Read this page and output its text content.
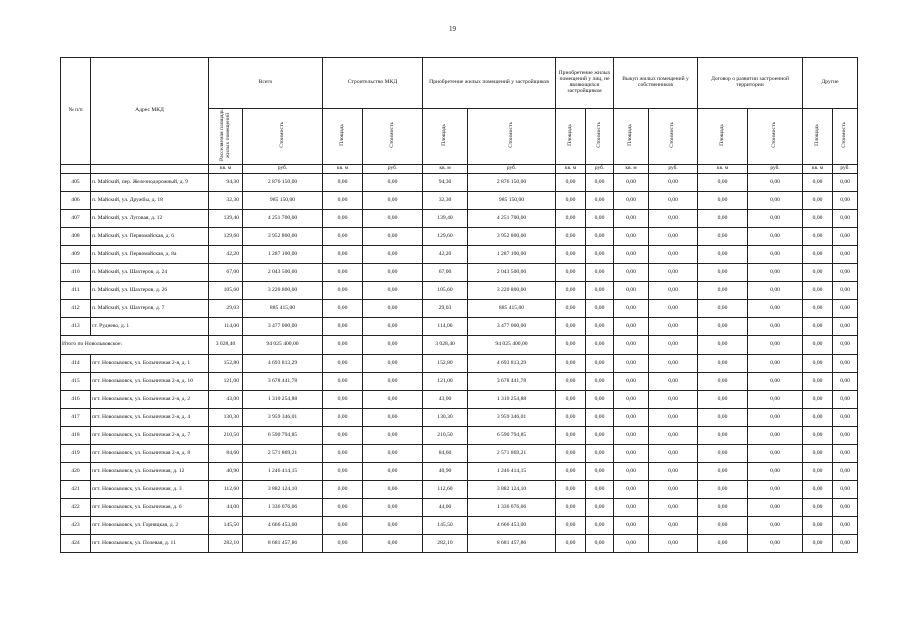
19
№ п/п	Адрес МКД	Всего		Строительство МКД		Приобретение жилых помещений у застройщиков		Приобретение жилых помещений у лиц, не являющихся застройщиком		Выкуп жилых помещений у собственников		Договор о развитии застроенной территории		Другие	
		Расселяемая площадь жилых помещений	Стоимость	Площадь	Стоимость	Площадь	Стоимость	Площадь	Стоимость	Площадь	Стоимость	Площадь	Стоимость	Площадь	Стоимость
		кв. м	руб.	кв. м	руб.	кв. м	руб.	кв. м	руб.	кв. м	руб.	кв. м	руб.	кв. м	руб.
405	п. Майский, пер. Железнодорожный, д. 9	94,30	2 876 150,00	0,00	0,00	94,30	2 876 150,00	0,00	0,00	0,00	0,00	0,00	0,00	0,00	0,00
406	п. Майский, ул. Дружбы, д. 18	32,30	985 150,00	0,00	0,00	32,30	985 150,00	0,00	0,00	0,00	0,00	0,00	0,00	0,00	0,00
407	п. Майский, ул. Луговая, д. 12	139,40	4 251 700,00	0,00	0,00	139,40	4 251 700,00	0,00	0,00	0,00	0,00	0,00	0,00	0,00	0,00
408	п. Майский, ул. Первомайская, д. 6	129,60	3 952 800,00	0,00	0,00	129,60	3 952 800,00	0,00	0,00	0,00	0,00	0,00	0,00	0,00	0,00
409	п. Майский, ул. Первомайская, д. 8а	42,20	1 287 100,00	0,00	0,00	42,20	1 287 100,00	0,00	0,00	0,00	0,00	0,00	0,00	0,00	0,00
410	п. Майский, ул. Шахтеров, д. 24	67,00	2 043 500,00	0,00	0,00	67,00	2 043 500,00	0,00	0,00	0,00	0,00	0,00	0,00	0,00	0,00
411	п. Майский, ул. Шахтеров, д. 26	105,60	3 220 800,00	0,00	0,00	105,60	3 220 800,00	0,00	0,00	0,00	0,00	0,00	0,00	0,00	0,00
412	п. Майский, ул. Шахтеров, д. 7	29,03	885 415,00	0,00	0,00	29,03	885 415,00	0,00	0,00	0,00	0,00	0,00	0,00	0,00	0,00
413	ст. Руднево, д. 1	114,00	3 477 000,00	0,00	0,00	114,00	3 477 000,00	0,00	0,00	0,00	0,00	0,00	0,00	0,00	0,00
Итого по Новольвовское:		3 028,40	94 025 400,00	0,00	0,00	3 028,40	94 025 400,00	0,00	0,00	0,00	0,00	0,00	0,00	0,00	0,00
414	пгт. Новольвовск, ул. Больничная 2-я, д. 1	152,80	4 693 813,29	0,00	0,00	152,80	4 693 813,29	0,00	0,00	0,00	0,00	0,00	0,00	0,00	0,00
415	пгт. Новольвовск, ул. Больничная 2-я, д. 10	121,00	3 678 441,78	0,00	0,00	121,00	3 678 441,78	0,00	0,00	0,00	0,00	0,00	0,00	0,00	0,00
416	пгт. Новольвовск, ул. Больничная 2-я, д. 2	43,00	1 310 254,88	0,00	0,00	43,00	1 310 254,88	0,00	0,00	0,00	0,00	0,00	0,00	0,00	0,00
417	пгт. Новольвовск, ул. Больничная 2-я, д. 4	130,30	3 959 346,01	0,00	0,00	130,30	3 959 346,01	0,00	0,00	0,00	0,00	0,00	0,00	0,00	0,00
418	пгт. Новольвовск, ул. Больничная 2-я, д. 7	210,50	6 590 794,85	0,00	0,00	210,50	6 590 794,85	0,00	0,00	0,00	0,00	0,00	0,00	0,00	0,00
419	пгт. Новольвовск, ул. Больничная 2-я, д. 8	84,60	2 571 869,21	0,00	0,00	84,60	2 571 869,21	0,00	0,00	0,00	0,00	0,00	0,00	0,00	0,00
420	пгт. Новольвовск, ул. Больничная, д. 12	40,90	1 246 414,15	0,00	0,00	40,90	1 246 414,15	0,00	0,00	0,00	0,00	0,00	0,00	0,00	0,00
421	пгт. Новольвовск, ул. Больничная, д. 3	112,60	3 882 124,10	0,00	0,00	112,60	3 882 124,10	0,00	0,00	0,00	0,00	0,00	0,00	0,00	0,00
422	пгт. Новольвовск, ул. Больничная, д. 6	44,00	1 336 076,06	0,00	0,00	44,00	1 336 076,06	0,00	0,00	0,00	0,00	0,00	0,00	0,00	0,00
423	пгт. Новольвовск, ул. Горняцкая, д. 2	145,50	4 666 453,00	0,00	0,00	145,50	4 666 453,00	0,00	0,00	0,00	0,00	0,00	0,00	0,00	0,00
424	пгт. Новольвовск, ул. Полевая, д. 11	282,10	8 681 457,86	0,00	0,00	282,10	8 681 457,86	0,00	0,00	0,00	0,00	0,00	0,00	0,00	0,00
